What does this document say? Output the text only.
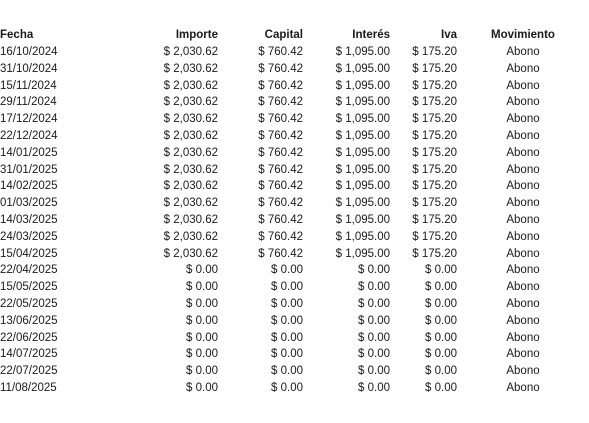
Fecha	Importe	Capital	Interés	Iva	Movimiento
16/10/2024	$ 2,030.62	$ 760.42	$ 1,095.00	$ 175.20	Abono
31/10/2024	$ 2,030.62	$ 760.42	$ 1,095.00	$ 175.20	Abono
15/11/2024	$ 2,030.62	$ 760.42	$ 1,095.00	$ 175.20	Abono
29/11/2024	$ 2,030.62	$ 760.42	$ 1,095.00	$ 175.20	Abono
17/12/2024	$ 2,030.62	$ 760.42	$ 1,095.00	$ 175.20	Abono
22/12/2024	$ 2,030.62	$ 760.42	$ 1,095.00	$ 175.20	Abono
14/01/2025	$ 2,030.62	$ 760.42	$ 1,095.00	$ 175.20	Abono
31/01/2025	$ 2,030.62	$ 760.42	$ 1,095.00	$ 175.20	Abono
14/02/2025	$ 2,030.62	$ 760.42	$ 1,095.00	$ 175.20	Abono
01/03/2025	$ 2,030.62	$ 760.42	$ 1,095.00	$ 175.20	Abono
14/03/2025	$ 2,030.62	$ 760.42	$ 1,095.00	$ 175.20	Abono
24/03/2025	$ 2,030.62	$ 760.42	$ 1,095.00	$ 175.20	Abono
15/04/2025	$ 2,030.62	$ 760.42	$ 1,095.00	$ 175.20	Abono
22/04/2025	$ 0.00	$ 0.00	$ 0.00	$ 0.00	Abono
15/05/2025	$ 0.00	$ 0.00	$ 0.00	$ 0.00	Abono
22/05/2025	$ 0.00	$ 0.00	$ 0.00	$ 0.00	Abono
13/06/2025	$ 0.00	$ 0.00	$ 0.00	$ 0.00	Abono
22/06/2025	$ 0.00	$ 0.00	$ 0.00	$ 0.00	Abono
14/07/2025	$ 0.00	$ 0.00	$ 0.00	$ 0.00	Abono
22/07/2025	$ 0.00	$ 0.00	$ 0.00	$ 0.00	Abono
11/08/2025	$ 0.00	$ 0.00	$ 0.00	$ 0.00	Abono
